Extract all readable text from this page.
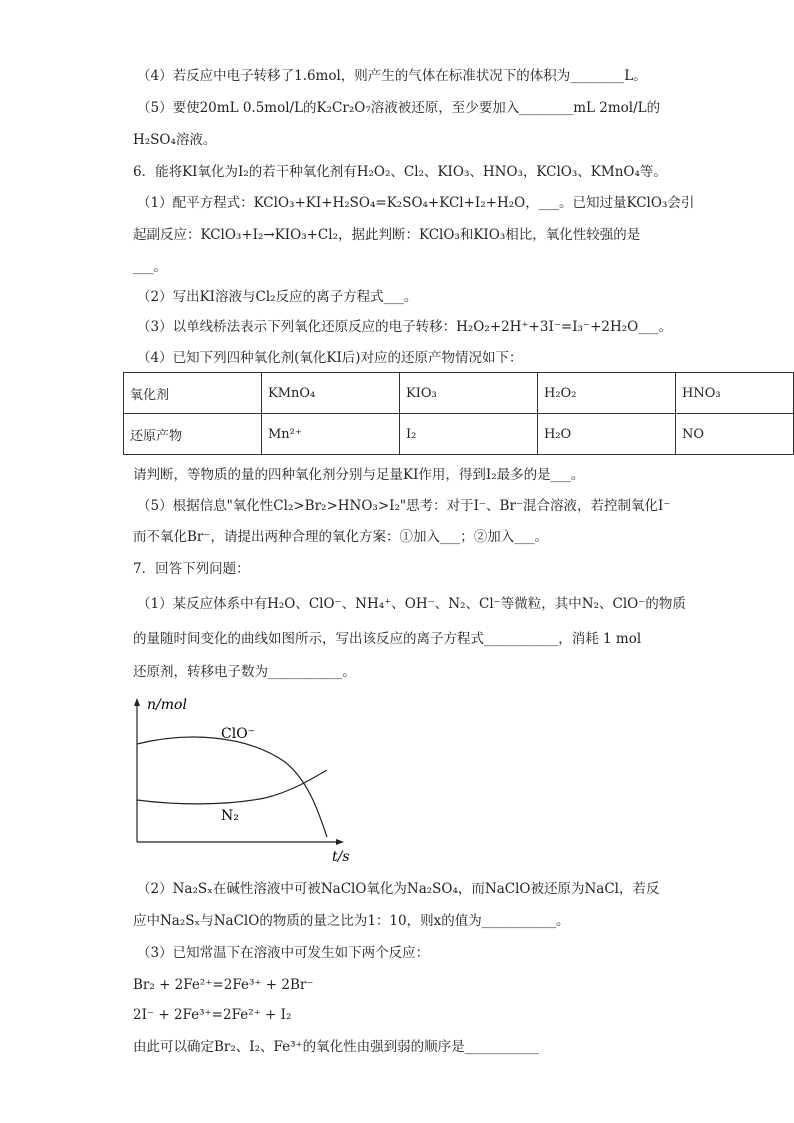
（4）若反应中电子转移了1.6mol，则产生的气体在标准状况下的体积为________L。
（5）要使20mL 0.5mol/L的K₂Cr₂O₇溶液被还原，至少要加入________mL 2mol/L的
H₂SO₄溶液。
6．能将KI氧化为I₂的若干种氧化剂有H₂O₂、Cl₂、KIO₃、HNO₃，KClO₃、KMnO₄等。
（1）配平方程式：KClO₃+KI+H₂SO₄=K₂SO₄+KCl+I₂+H₂O，___。已知过量KClO₃会引
起副反应：KClO₃+I₂→KIO₃+Cl₂，据此判断：KClO₃和KIO₃相比，氧化性较强的是
___。
（2）写出KI溶液与Cl₂反应的离子方程式___。
（3）以单线桥法表示下列氧化还原反应的电子转移：H₂O₂+2H⁺+3I⁻=I₃⁻+2H₂O___。
（4）已知下列四种氧化剂(氧化KI后)对应的还原产物情况如下：
氧化剂	KMnO₄	KIO₃	H₂O₂	HNO₃
还原产物	Mn²⁺	I₂	H₂O	NO
请判断，等物质的量的四种氧化剂分别与足量KI作用，得到I₂最多的是___。
（5）根据信息"氧化性Cl₂>Br₂>HNO₃>I₂"思考：对于I⁻、Br⁻混合溶液，若控制氧化I⁻
而不氧化Br⁻，请提出两种合理的氧化方案：①加入___；②加入___。
7．回答下列问题：
（1）某反应体系中有H₂O、ClO⁻、NH₄⁺、OH⁻、N₂、Cl⁻等微粒，其中N₂、ClO⁻的物质
的量随时间变化的曲线如图所示，写出该反应的离子方程式___________，消耗 1 mol
还原剂，转移电子数为___________。
n/mol
t/s
ClO⁻
N₂
（2）Na₂Sₓ在碱性溶液中可被NaClO氧化为Na₂SO₄，而NaClO被还原为NaCl，若反
应中Na₂Sₓ与NaClO的物质的量之比为1：10，则x的值为___________。
（3）已知常温下在溶液中可发生如下两个反应：
Br₂ + 2Fe²⁺=2Fe³⁺ + 2Br⁻
2I⁻ + 2Fe³⁺=2Fe²⁺ + I₂
由此可以确定Br₂、I₂、Fe³⁺的氧化性由强到弱的顺序是___________
